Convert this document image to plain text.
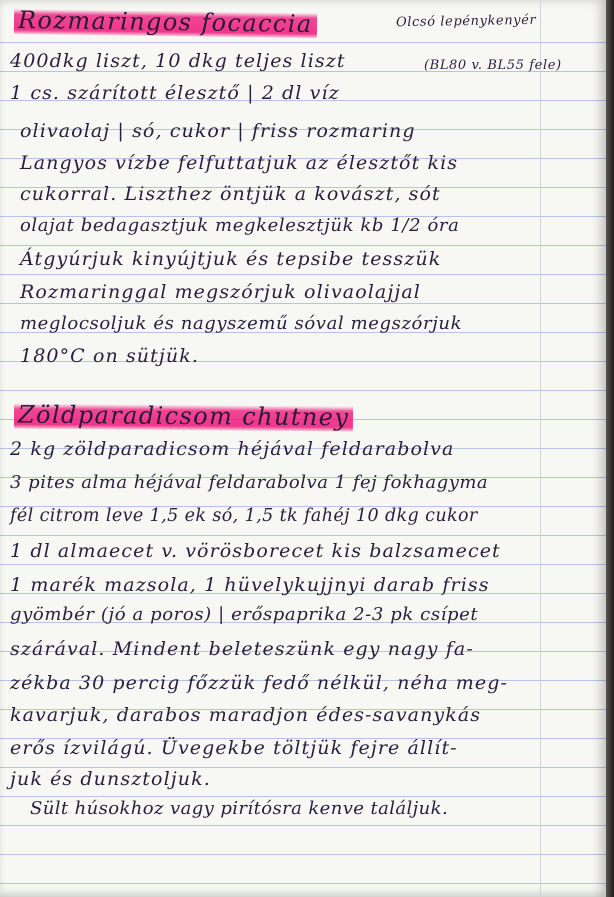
Rozmaringos focaccia	Olcsó lepénykenyér

400dkg liszt, 10 dkg teljes liszt	(BL80 v. BL55 fele)

1 cs. szárított élesztő | 2 dl víz

olivaolaj | só, cukor | friss rozmaring

Langyos vízbe felfuttatjuk az élesztőt kis

cukorral. Liszthez öntjük a kovászt, sót

olajat bedagasztjuk megkelesztjük kb 1/2 óra

Átgyúrjuk kinyújtjuk és tepsibe tesszük

Rozmaringgal megszórjuk olivaolajjal

meglocsoljuk és nagyszemű sóval megszórjuk

180°C on sütjük.

Zöldparadicsom chutney

2 kg zöldparadicsom héjával feldarabolva

3 pites alma héjával feldarabolva 1 fej fokhagyma

fél citrom leve 1,5 ek só, 1,5 tk fahéj 10 dkg cukor

1 dl almaecet v. vörösborecet kis balzsamecet

1 marék mazsola, 1 hüvelykujjnyi darab friss

gyömbér (jó a poros) | erőspaprika 2-3 pk csípet

szárával. Mindent beleteszünk egy nagy fa-

zékba 30 percig főzzük fedő nélkül, néha meg-

kavarjuk, darabos maradjon édes-savanykás

erős ízvilágú. Üvegekbe töltjük fejre állít-

juk és dunsztoljuk.

Sült húsokhoz vagy pirítósra kenve találjuk.
